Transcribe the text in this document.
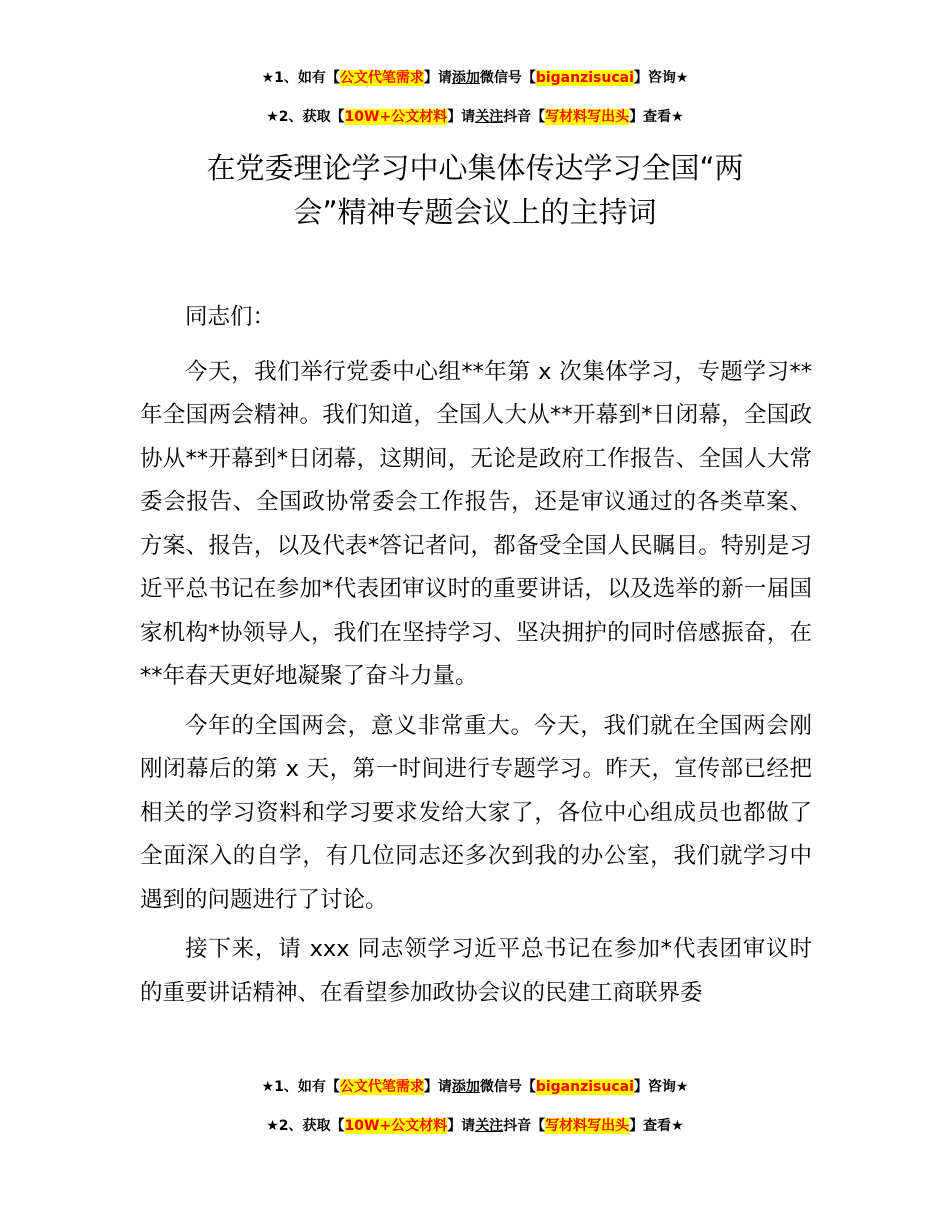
★1、如有【公文代笔需求】请添加微信号【biganzisucai】咨询★
★2、获取【10W+公文材料】请关注抖音【写材料写出头】查看★
在党委理论学习中心集体传达学习全国“两
会”精神专题会议上的主持词

同志们：

今天，我们举行党委中心组**年第 x 次集体学习，专题学习**年全国两会精神。我们知道，全国人大从**开幕到*日闭幕，全国政协从**开幕到*日闭幕，这期间，无论是政府工作报告、全国人大常委会报告、全国政协常委会工作报告，还是审议通过的各类草案、方案、报告，以及代表*答记者问，都备受全国人民瞩目。特别是习近平总书记在参加*代表团审议时的重要讲话，以及选举的新一届国家机构*协领导人，我们在坚持学习、坚决拥护的同时倍感振奋，在**年春天更好地凝聚了奋斗力量。

今年的全国两会，意义非常重大。今天，我们就在全国两会刚刚闭幕后的第 x 天，第一时间进行专题学习。昨天，宣传部已经把相关的学习资料和学习要求发给大家了，各位中心组成员也都做了全面深入的自学，有几位同志还多次到我的办公室，我们就学习中遇到的问题进行了讨论。

接下来，请 xxx 同志领学习近平总书记在参加*代表团审议时的重要讲话精神、在看望参加政协会议的民建工商联界委

★1、如有【公文代笔需求】请添加微信号【biganzisucai】咨询★
★2、获取【10W+公文材料】请关注抖音【写材料写出头】查看★
